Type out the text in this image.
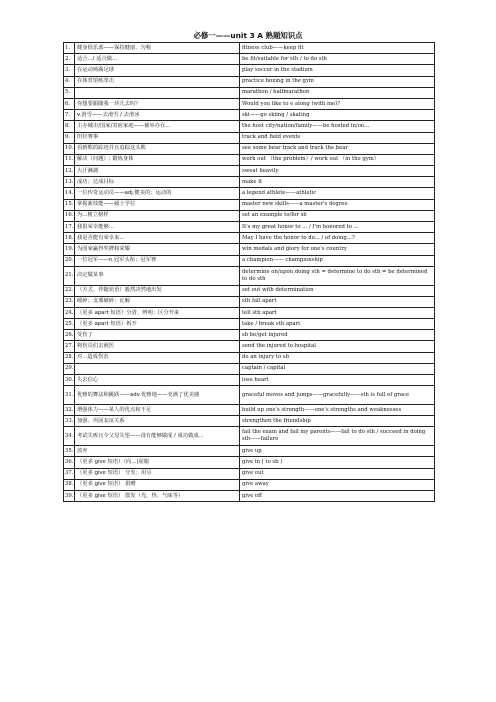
必修一——unit 3 A 熟题知识点
1.	健身俱乐部——保持健康、匀称	fitness club——keep fit
2.	适合.../ 适合做...	be fit/suitable for sth / to do sth
3.	在运动场踢足球	play soccer in the stadium
4.	在体育馆练拳击	practice boxing in the gym
5.		marathon / halfmarathon
6.	你想要跟随我一块儿去吗？	Would you like to e along (with me)?
7.	v.滑雪——去滑雪 / 去滑冰	ski——go skiing / skating
8.	主办城市/国家/寄宿家庭——被举办在...	the host city/nation/family——be hosted in/on...
9.	田径赛事	track and field events
10.	看到熊的踪迹并且追踪这头熊	see some bear track and track the bear
11.	解决（问题）; 锻炼身体	work out （the problem）/ work out （in the gym）
12.	大汗淋漓	sweat heavily
13.	成功；达成目标	make it
14.	一位传奇运动员——adj.健美的；运动的	a legend athlete——athletic
15.	掌握新技能——硕士学位	master new skills——a master's degree
16.	为...树立榜样	set an example to/for sb
17.	我很荣幸能够...	It's my great honor to ... / I'm honored to ...
18.	我是否能有荣幸来...	May I have the honor to do... / of doing...?
19.	为国家赢得奖牌和荣耀	win medals and glory for one's country
20.	一位冠军——n.冠军头衔；冠军赛	a champion—— championship
21.	决定做某事	determine on/upon doing sth = determine to do sth = be determined to do sth
22.	（方式、伴随状语）毅然决然地出发	set out with determination
23.	破碎；支离破碎；瓦解	sth fall apart
24.	（更多 apart 短语）分清、辨明；区分开来	tell sth apart
25.	（更多 apart 短语）拆开	take / break sth apart
26.	受伤了	sb be/get injured
27.	将伤员们去就医	send the injured to hospital
28.	对...造成伤害	do an injury to sb
29.		captain / capital
30.	失去信心	lose heart
31.	优雅的舞法和跳跃——adv.优雅地——充满了优美感	graceful moves and jumps——gracefully——sth is full of grace
32.	增强体力——某人的优点和不足	build up one's strength——one's strengths and weaknesses
33.	加强、巩固友谊关系	strengthen the friendship
34.	考试失败且令父母失望——没有能够做成 / 成功做成...	fail the exam and fail my parents——fail to do sth / succeed in doing sth——failure
35.	放弃	give up
36.	（更多 give 短语）（向...)屈服	give in ( to sb )
37.	（更多 give 短语） 分发；用尽	give out
38.	（更多 give 短语） 捐赠	give away
39.	（更多 give 短语） 散发（光、热、气味等）	give off
